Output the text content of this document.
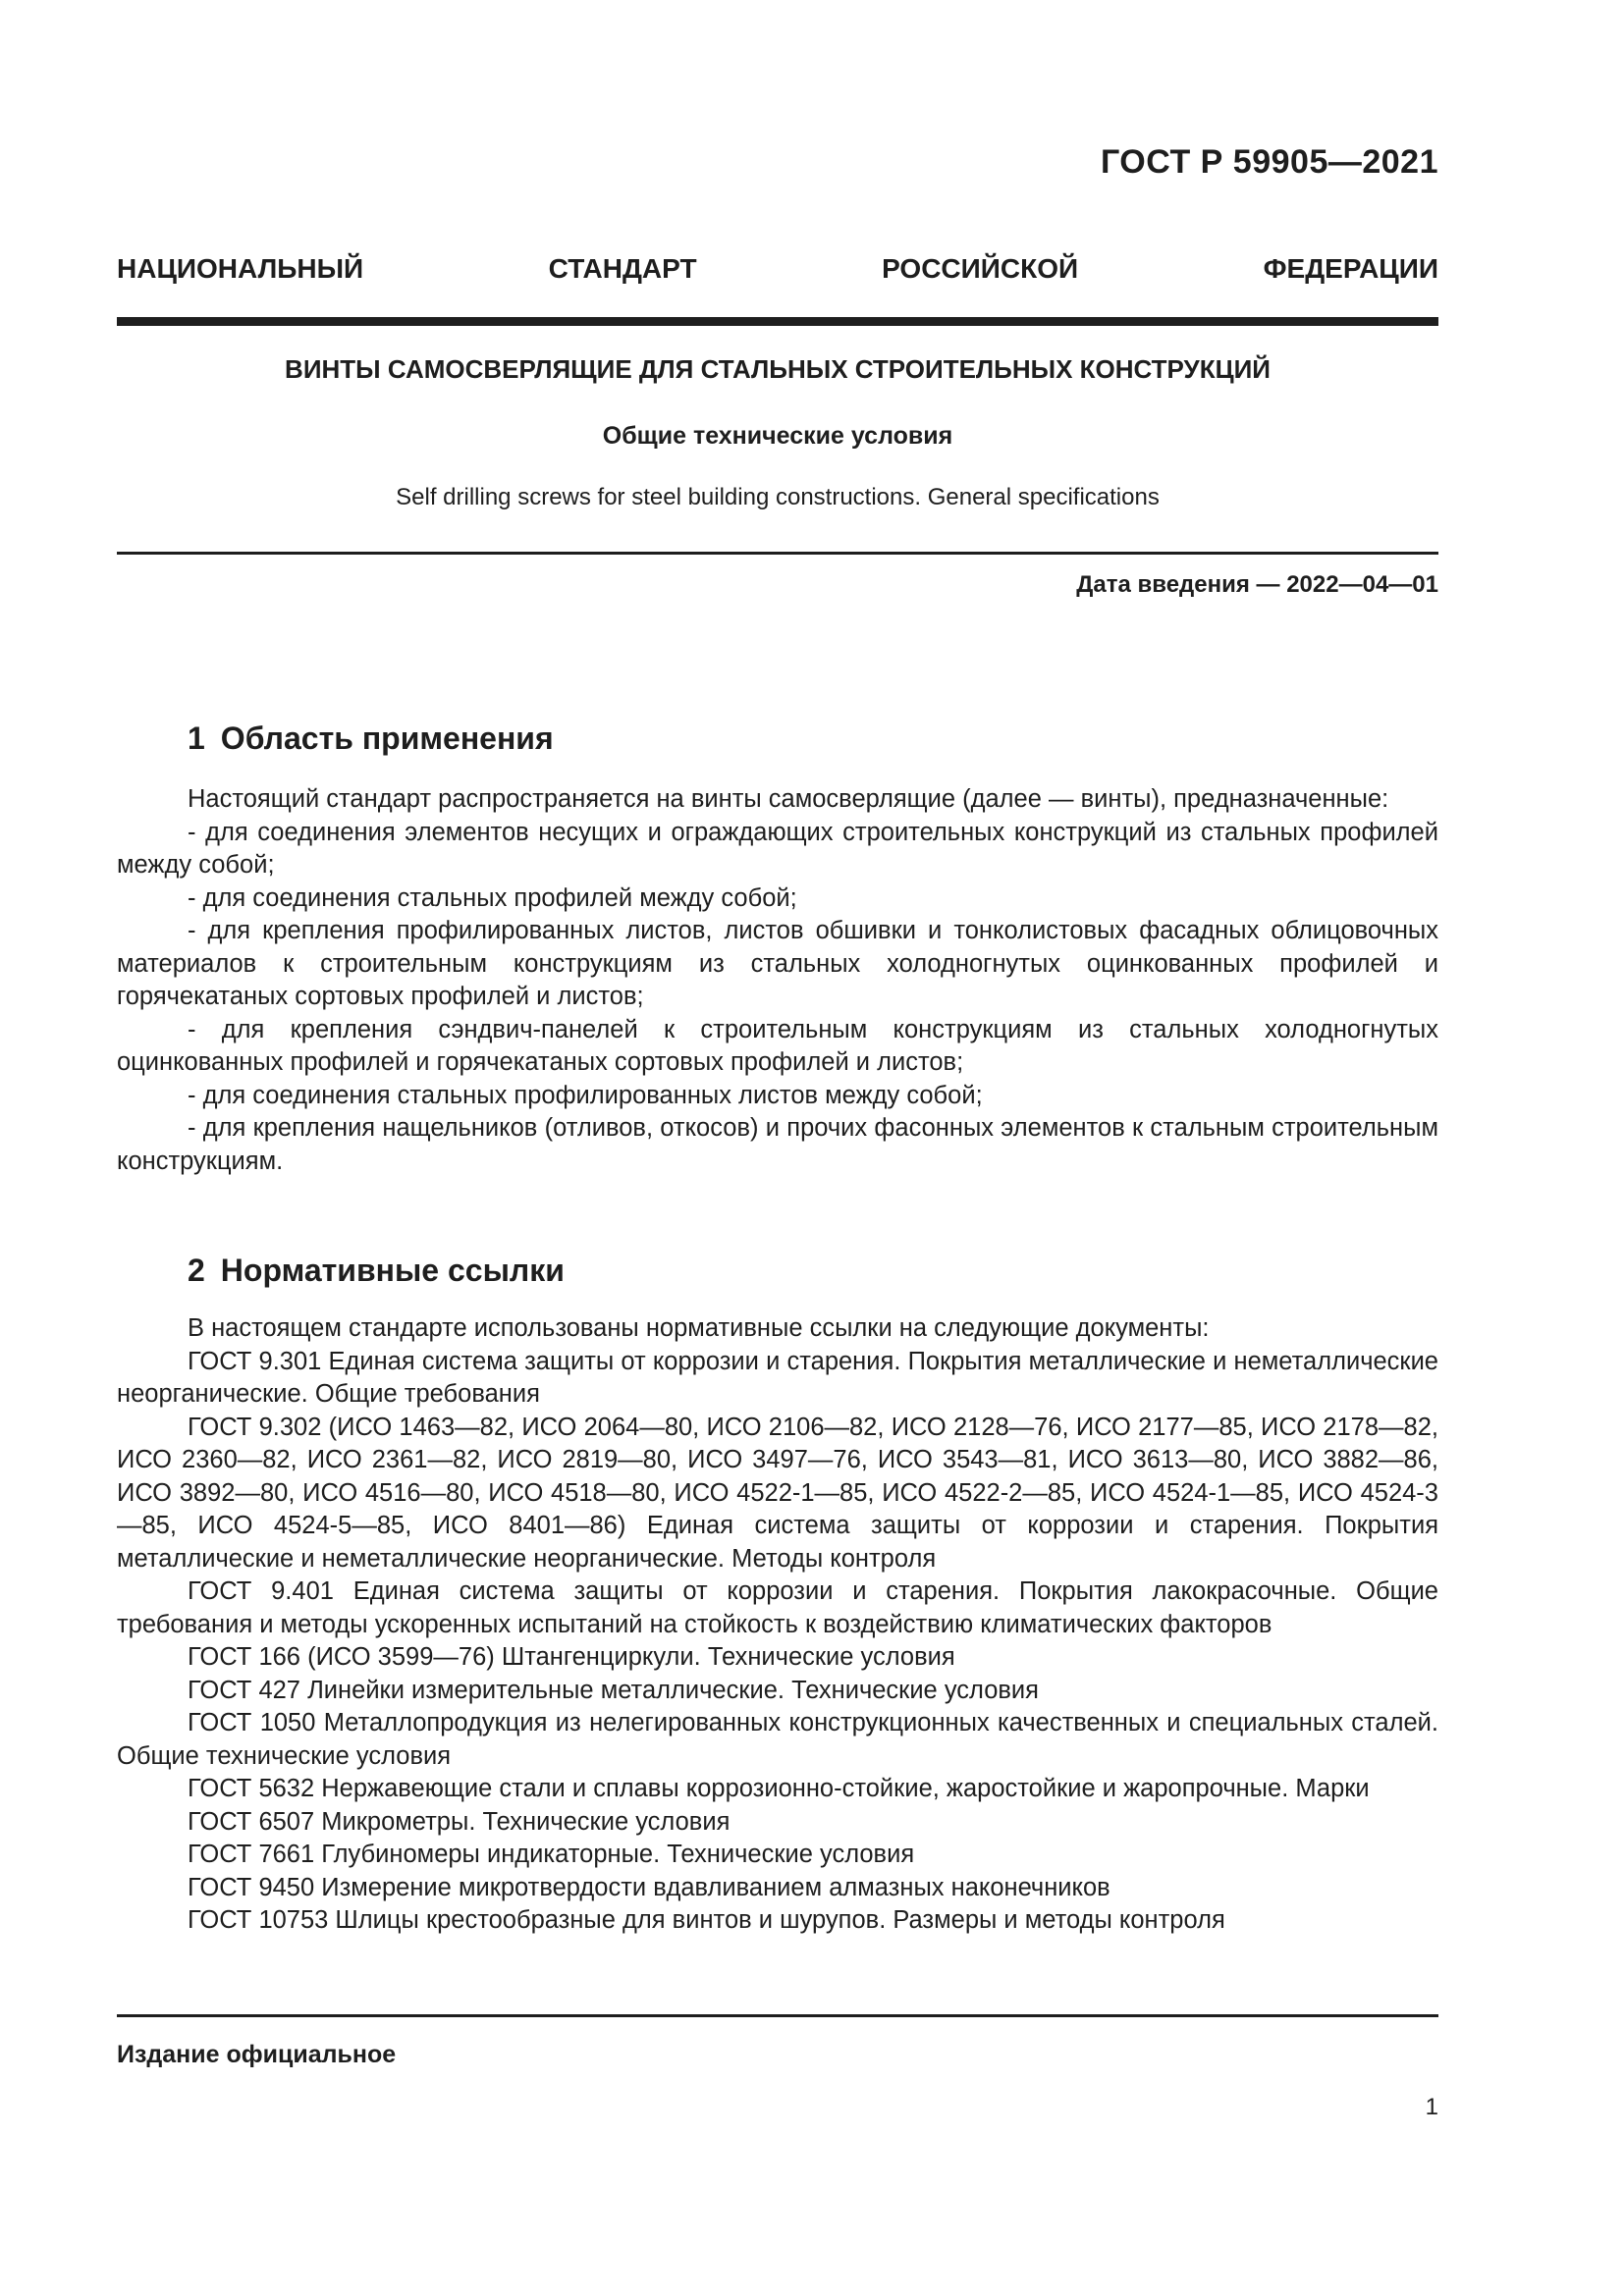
ГОСТ Р 59905—2021
НАЦИОНАЛЬНЫЙ СТАНДАРТ РОССИЙСКОЙ ФЕДЕРАЦИИ
ВИНТЫ САМОСВЕРЛЯЩИЕ ДЛЯ СТАЛЬНЫХ СТРОИТЕЛЬНЫХ КОНСТРУКЦИЙ
Общие технические условия
Self drilling screws for steel building constructions. General specifications
Дата введения — 2022—04—01
1 Область применения

Настоящий стандарт распространяется на винты самосверлящие (далее — винты), предназначенные:

- для соединения элементов несущих и ограждающих строительных конструкций из стальных профилей между собой;

- для соединения стальных профилей между собой;

- для крепления профилированных листов, листов обшивки и тонколистовых фасадных облицовочных материалов к строительным конструкциям из стальных холодногнутых оцинкованных профилей и горячекатаных сортовых профилей и листов;

- для крепления сэндвич-панелей к строительным конструкциям из стальных холодногнутых оцинкованных профилей и горячекатаных сортовых профилей и листов;

- для соединения стальных профилированных листов между собой;

- для крепления нащельников (отливов, откосов) и прочих фасонных элементов к стальным строительным конструкциям.

2 Нормативные ссылки

В настоящем стандарте использованы нормативные ссылки на следующие документы:

ГОСТ 9.301 Единая система защиты от коррозии и старения. Покрытия металлические и неметаллические неорганические. Общие требования

ГОСТ 9.302 (ИСО 1463—82, ИСО 2064—80, ИСО 2106—82, ИСО 2128—76, ИСО 2177—85, ИСО 2178—82, ИСО 2360—82, ИСО 2361—82, ИСО 2819—80, ИСО 3497—76, ИСО 3543—81, ИСО 3613—80, ИСО 3882—86, ИСО 3892—80, ИСО 4516—80, ИСО 4518—80, ИСО 4522-1—85, ИСО 4522-2—85, ИСО 4524-1—85, ИСО 4524-3—85, ИСО 4524-5—85, ИСО 8401—86) Единая система защиты от коррозии и старения. Покрытия металлические и неметаллические неорганические. Методы контроля

ГОСТ 9.401 Единая система защиты от коррозии и старения. Покрытия лакокрасочные. Общие требования и методы ускоренных испытаний на стойкость к воздействию климатических факторов

ГОСТ 166 (ИСО 3599—76) Штангенциркули. Технические условия

ГОСТ 427 Линейки измерительные металлические. Технические условия

ГОСТ 1050 Металлопродукция из нелегированных конструкционных качественных и специальных сталей. Общие технические условия

ГОСТ 5632 Нержавеющие стали и сплавы коррозионно-стойкие, жаростойкие и жаропрочные. Марки

ГОСТ 6507 Микрометры. Технические условия

ГОСТ 7661 Глубиномеры индикаторные. Технические условия

ГОСТ 9450 Измерение микротвердости вдавливанием алмазных наконечников

ГОСТ 10753 Шлицы крестообразные для винтов и шурупов. Размеры и методы контроля

Издание официальное
1
